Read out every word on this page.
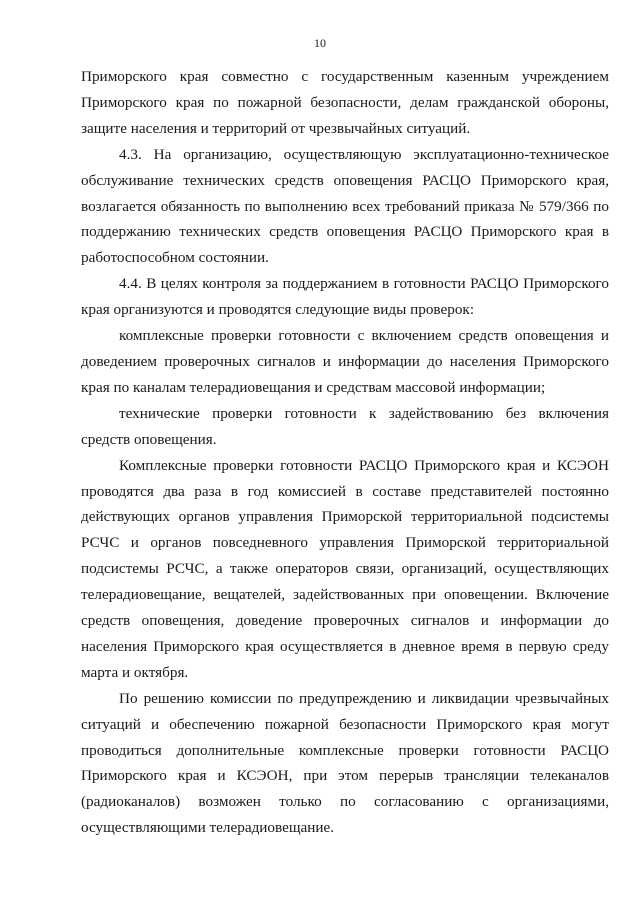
10

Приморского края совместно с государственным казенным учреждением Приморского края по пожарной безопасности, делам гражданской обороны, защите населения и территорий от чрезвычайных ситуаций.

4.3. На организацию, осуществляющую эксплуатационно-техническое обслуживание технических средств оповещения РАСЦО Приморского края, возлагается обязанность по выполнению всех требований приказа № 579/366 по поддержанию технических средств оповещения РАСЦО Приморского края в работоспособном состоянии.

4.4. В целях контроля за поддержанием в готовности РАСЦО Приморского края организуются и проводятся следующие виды проверок:

комплексные проверки готовности с включением средств оповещения и доведением проверочных сигналов и информации до населения Приморского края по каналам телерадиовещания и средствам массовой информации;

технические проверки готовности к задействованию без включения средств оповещения.

Комплексные проверки готовности РАСЦО Приморского края и КСЭОН проводятся два раза в год комиссией в составе представителей постоянно действующих органов управления Приморской территориальной подсистемы РСЧС и органов повседневного управления Приморской территориальной подсистемы РСЧС, а также операторов связи, организаций, осуществляющих телерадиовещание, вещателей, задействованных при оповещении. Включение средств оповещения, доведение проверочных сигналов и информации до населения Приморского края осуществляется в дневное время в первую среду марта и октября.

По решению комиссии по предупреждению и ликвидации чрезвычайных ситуаций и обеспечению пожарной безопасности Приморского края могут проводиться дополнительные комплексные проверки готовности РАСЦО Приморского края и КСЭОН, при этом перерыв трансляции телеканалов (радиоканалов) возможен только по согласованию с организациями, осуществляющими телерадиовещание.
